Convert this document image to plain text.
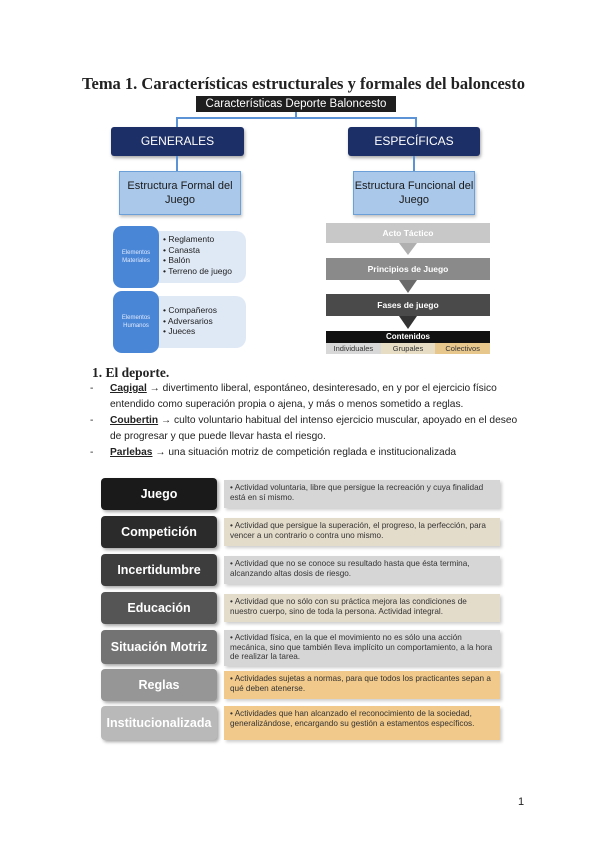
Tema 1. Características estructurales y formales del baloncesto
Características Deporte Baloncesto
GENERALES	ESPECÍFICAS
Estructura Formal del Juego
Estructura Funcional del Juego
• Reglamento
• Canasta
• Balón
• Terreno de juego
Elementos Materiales
• Compañeros
• Adversarios
• Jueces
Elementos Humanos
Acto Táctico
Principios de Juego
Fases de juego
Contenidos
Individuales	Grupales	Colectivos
1. El deporte.
-	Cagigal → divertimento liberal, espontáneo, desinteresado, en y por el ejercicio físico entendido como superación propia o ajena, y más o menos sometido a reglas.
-	Coubertin → culto voluntario habitual del intenso ejercicio muscular, apoyado en el deseo de progresar y que puede llevar hasta el riesgo.
-	Parlebas → una situación motriz de competición reglada e institucionalizada
Juego	• Actividad voluntaria, libre que persigue la recreación y cuya finalidad está en sí mismo.
Competición	• Actividad que persigue la superación, el progreso, la perfección, para vencer a un contrario o contra uno mismo.
Incertidumbre	• Actividad que no se conoce su resultado hasta que ésta termina, alcanzando altas dosis de riesgo.
Educación	• Actividad que no sólo con su práctica mejora las condiciones de nuestro cuerpo, sino de toda la persona. Actividad integral.
Situación Motriz
• Actividad física, en la que el movimiento no es sólo una acción mecánica, sino que también lleva implícito un comportamiento, a la hora de realizar la tarea.
Reglas	• Actividades sujetas a normas, para que todos los practicantes sepan a qué deben atenerse.
Institucionalizada
• Actividades que han alcanzado el reconocimiento de la sociedad, generalizándose, encargando su gestión a estamentos específicos.
1
